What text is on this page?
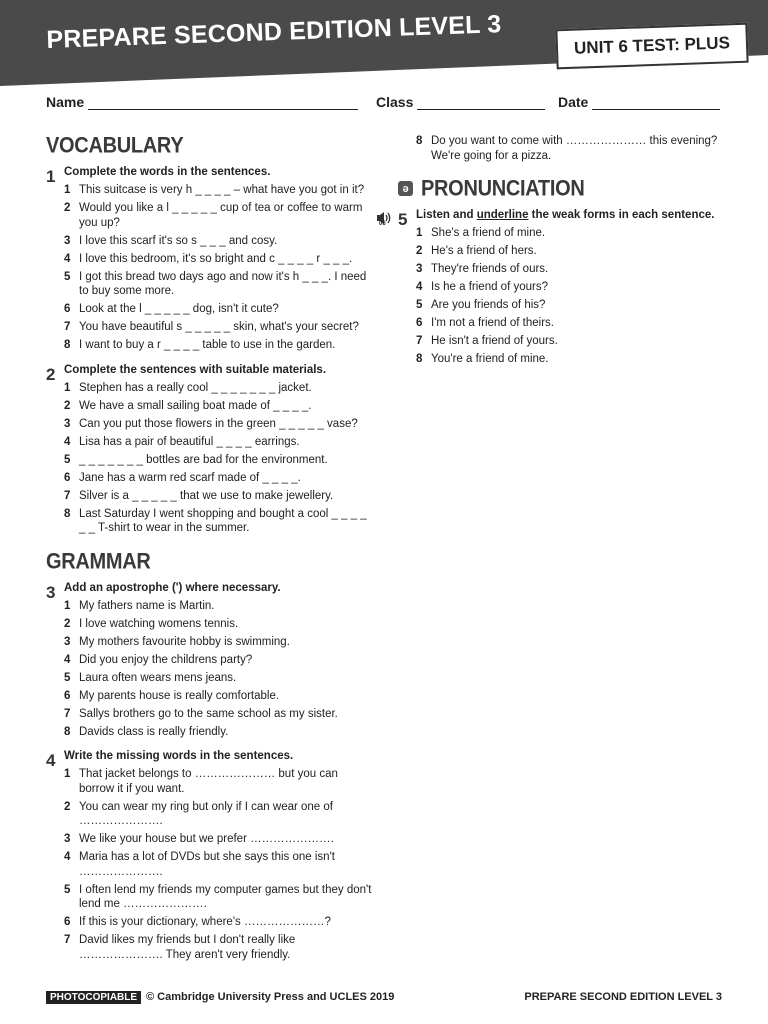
PREPARE SECOND EDITION LEVEL 3	UNIT 6 TEST: PLUS
Name	Class	Date
VOCABULARY
1 Complete the words in the sentences.
1 This suitcase is very h _ _ _ _ – what have you got in it?
2 Would you like a l _ _ _ _ _ cup of tea or coffee to warm you up?
3 I love this scarf it's so s _ _ _ and cosy.
4 I love this bedroom, it's so bright and c _ _ _ _ r _ _ _.
5 I got this bread two days ago and now it's h _ _ _. I need to buy some more.
6 Look at the l _ _ _ _ _ dog, isn't it cute?
7 You have beautiful s _ _ _ _ _ skin, what's your secret?
8 I want to buy a r _ _ _ _ table to use in the garden.
2 Complete the sentences with suitable materials.
1 Stephen has a really cool _ _ _ _ _ _ _ jacket.
2 We have a small sailing boat made of _ _ _ _.
3 Can you put those flowers in the green _ _ _ _ _ vase?
4 Lisa has a pair of beautiful _ _ _ _ earrings.
5 _ _ _ _ _ _ _ bottles are bad for the environment.
6 Jane has a warm red scarf made of _ _ _ _.
7 Silver is a _ _ _ _ _ that we use to make jewellery.
8 Last Saturday I went shopping and bought a cool _ _ _ _ _ _ T-shirt to wear in the summer.
GRAMMAR
3 Add an apostrophe (') where necessary.
1 My fathers name is Martin.
2 I love watching womens tennis.
3 My mothers favourite hobby is swimming.
4 Did you enjoy the childrens party?
5 Laura often wears mens jeans.
6 My parents house is really comfortable.
7 Sallys brothers go to the same school as my sister.
8 Davids class is really friendly.
4 Write the missing words in the sentences.
1 That jacket belongs to ………………… but you can borrow it if you want.
2 You can wear my ring but only if I can wear one of ………………….
3 We like your house but we prefer ………………….
4 Maria has a lot of DVDs but she says this one isn't ………………….
5 I often lend my friends my computer games but they don't lend me ………………….
6 If this is your dictionary, where's …………………?
7 David likes my friends but I don't really like …………………. They aren't very friendly.
8 Do you want to come with ………………… this evening? We're going for a pizza.
ə PRONUNCIATION
06 5 Listen and underline the weak forms in each sentence.
1 She's a friend of mine.
2 He's a friend of hers.
3 They're friends of ours.
4 Is he a friend of yours?
5 Are you friends of his?
6 I'm not a friend of theirs.
7 He isn't a friend of yours.
8 You're a friend of mine.
PHOTOCOPIABLE © Cambridge University Press and UCLES 2019	PREPARE SECOND EDITION LEVEL 3
